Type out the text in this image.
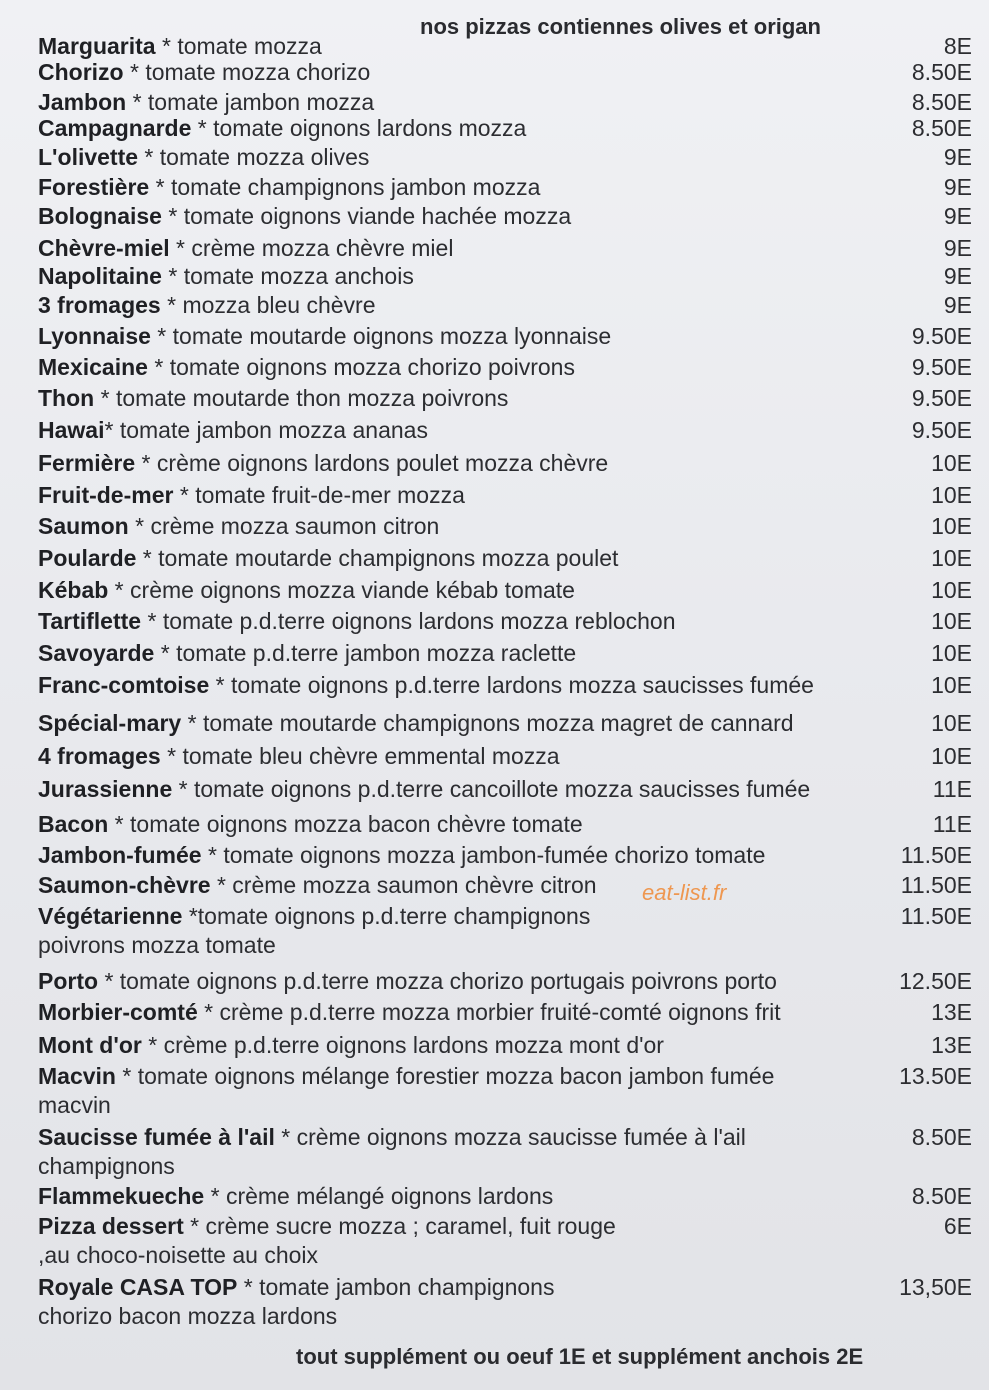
nos pizzas contiennes olives et origan
Marguarita * tomate mozza	8E
Chorizo * tomate mozza chorizo	8.50E
Jambon * tomate jambon mozza	8.50E
Campagnarde * tomate oignons lardons mozza	8.50E
L'olivette * tomate mozza olives	9E
Forestière * tomate champignons jambon mozza	9E
Bolognaise * tomate oignons viande hachée mozza	9E
Chèvre-miel * crème mozza chèvre miel	9E
Napolitaine * tomate mozza anchois	9E
3 fromages * mozza bleu chèvre	9E
Lyonnaise * tomate moutarde oignons mozza lyonnaise	9.50E
Mexicaine * tomate oignons mozza chorizo poivrons	9.50E
Thon * tomate moutarde thon mozza poivrons	9.50E
Hawai* tomate jambon mozza ananas	9.50E
Fermière * crème oignons lardons poulet mozza chèvre	10E
Fruit-de-mer * tomate fruit-de-mer mozza	10E
Saumon * crème mozza saumon citron	10E
Poularde * tomate moutarde champignons mozza poulet	10E
Kébab * crème oignons mozza viande kébab tomate	10E
Tartiflette * tomate p.d.terre oignons lardons mozza reblochon	10E
Savoyarde * tomate p.d.terre jambon mozza raclette	10E
Franc-comtoise * tomate oignons p.d.terre lardons mozza saucisses fumée	10E
Spécial-mary * tomate moutarde champignons mozza magret de cannard	10E
4 fromages * tomate bleu chèvre emmental mozza	10E
Jurassienne * tomate oignons p.d.terre cancoillote mozza saucisses fumée	11E
Bacon * tomate oignons mozza bacon chèvre tomate	11E
Jambon-fumée * tomate oignons mozza jambon-fumée chorizo tomate	11.50E
Saumon-chèvre * crème mozza saumon chèvre citron	11.50E
Végétarienne *tomate oignons p.d.terre champignons poivrons mozza tomate
11.50E
Porto * tomate oignons p.d.terre mozza chorizo portugais poivrons porto	12.50E
Morbier-comté * crème p.d.terre mozza morbier fruité-comté oignons frit	13E
Mont d'or * crème p.d.terre oignons lardons mozza mont d'or	13E
Macvin * tomate oignons mélange forestier mozza bacon jambon fumée macvin
13.50E
Saucisse fumée à l'ail * crème oignons mozza saucisse fumée à l'ail champignons
8.50E
Flammekueche * crème mélangé oignons lardons	8.50E
Pizza dessert * crème sucre mozza ; caramel, fuit rouge ,au choco-noisette au choix
6E
Royale CASA TOP * tomate jambon champignons chorizo bacon mozza lardons
13,50E
eat-list.fr
tout supplément ou oeuf 1E et supplément anchois 2E
